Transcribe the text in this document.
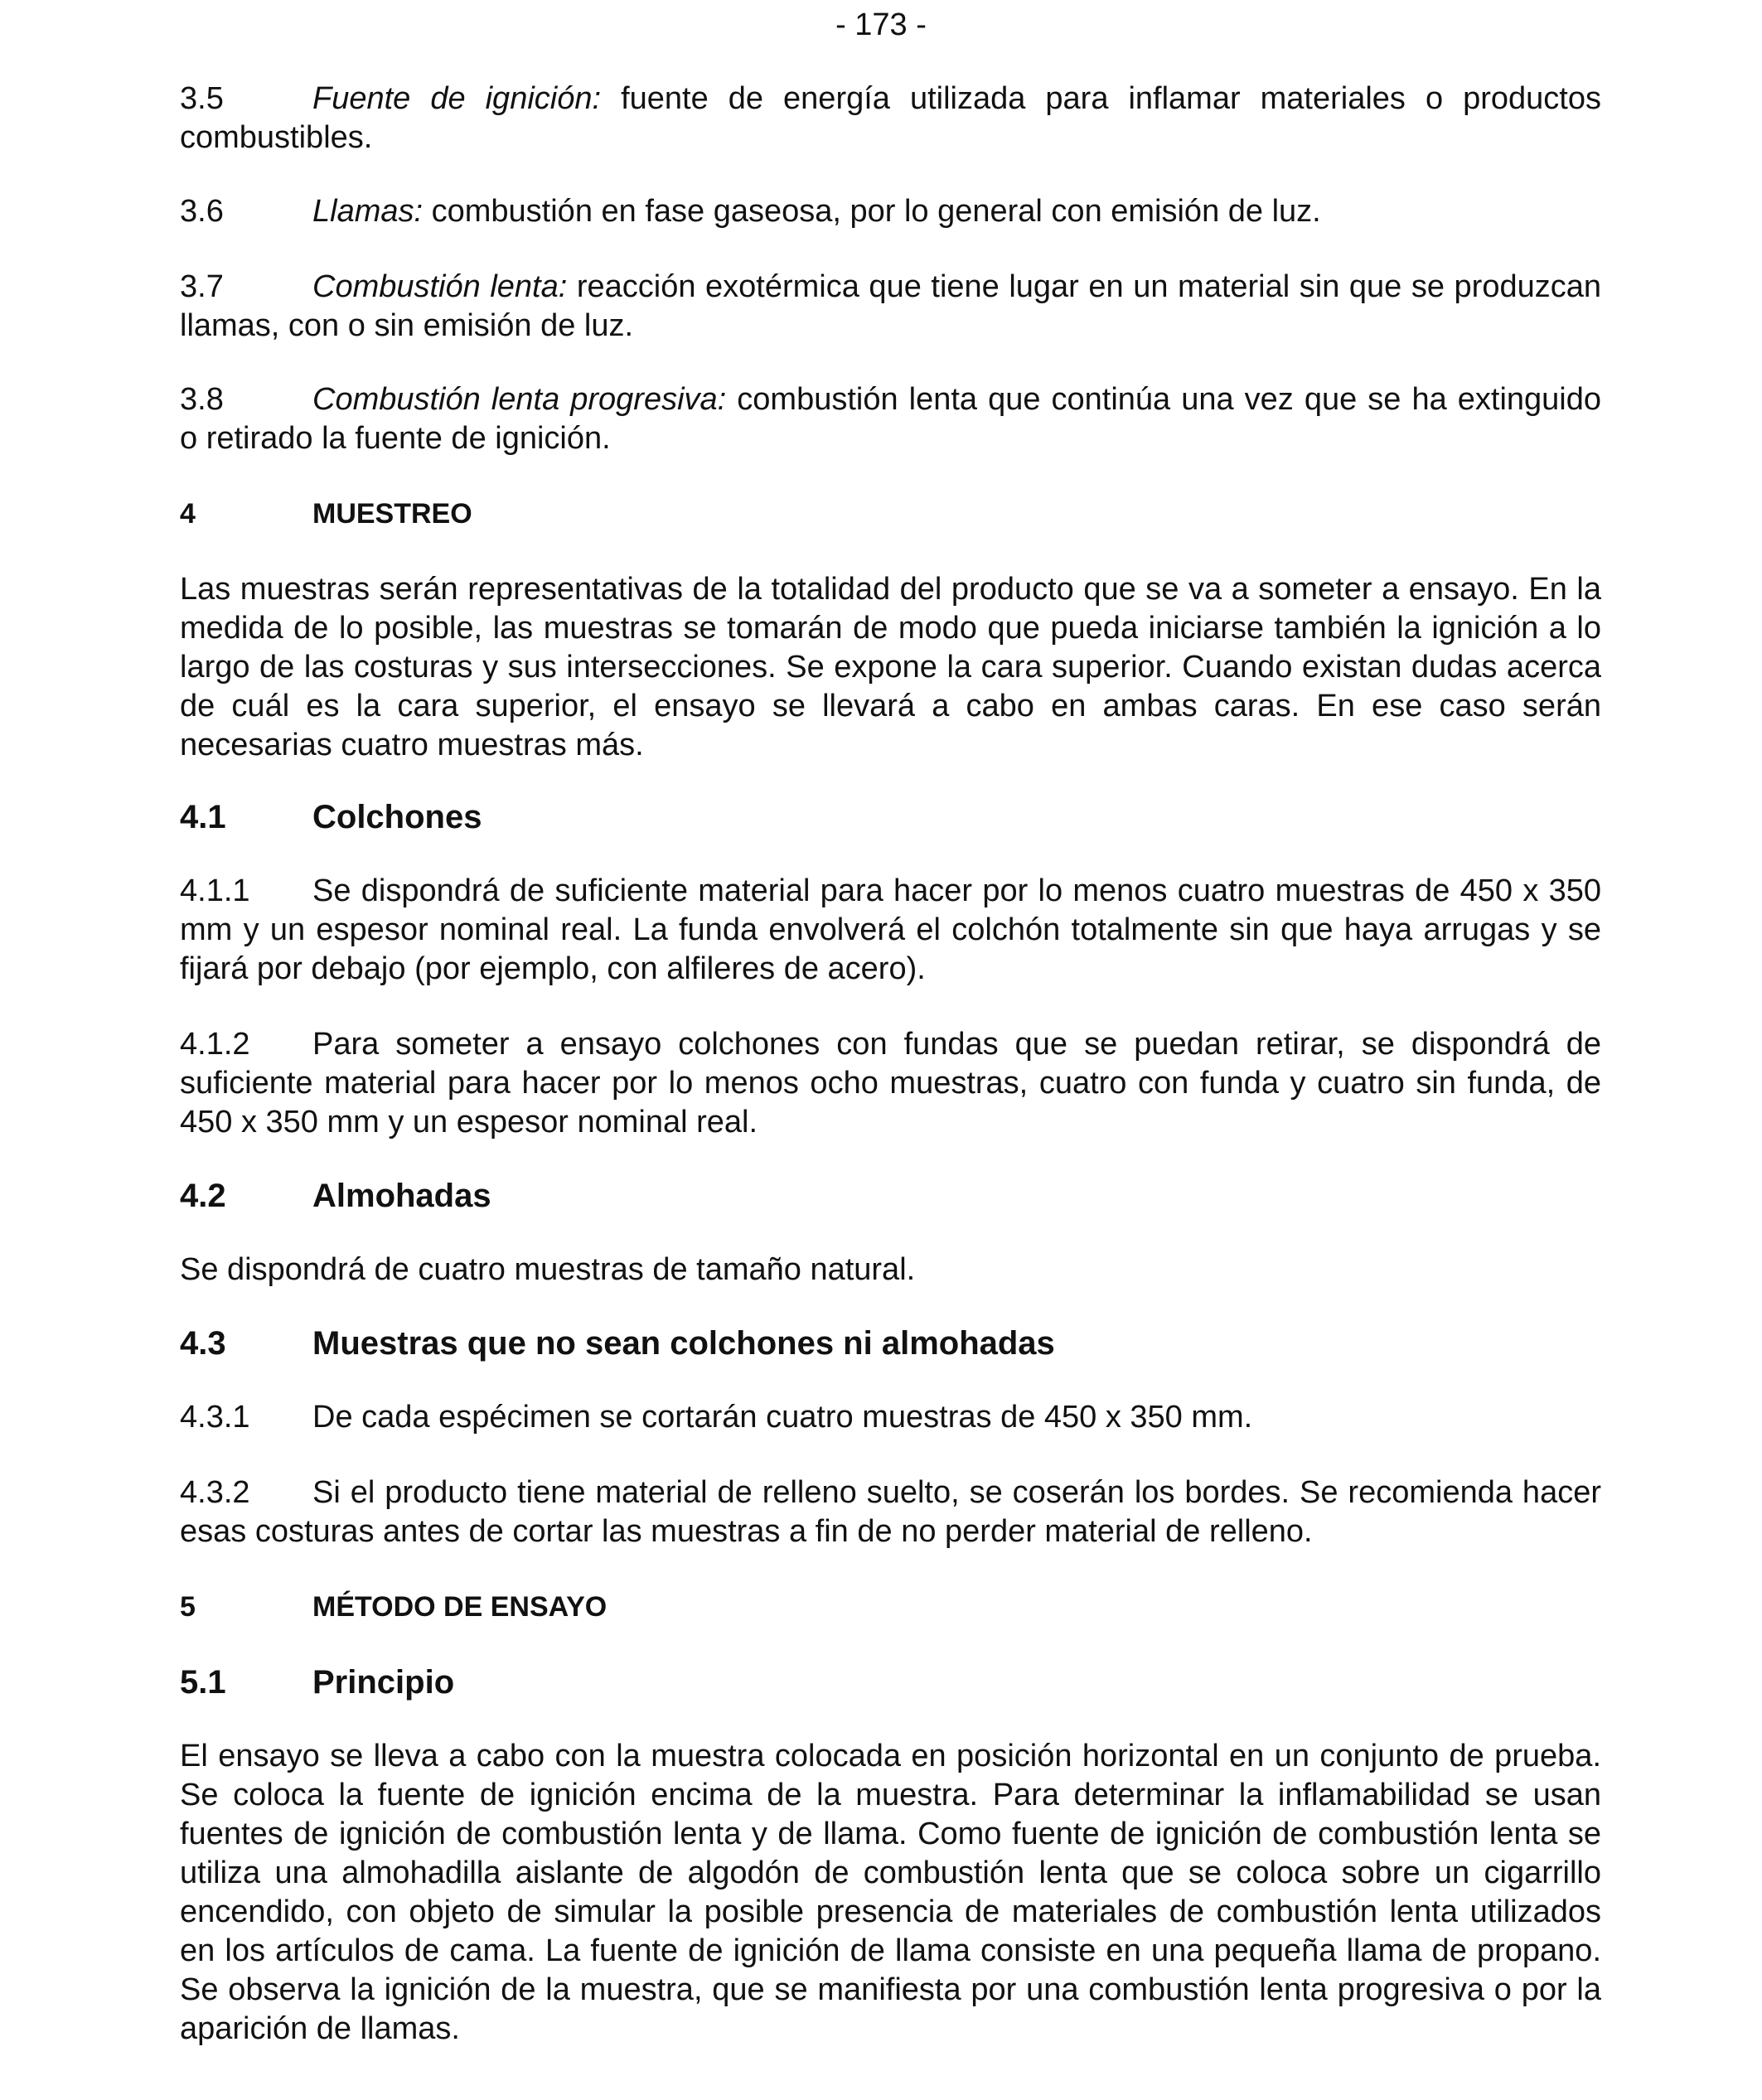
- 173 -

3.5	Fuente de ignición: fuente de energía utilizada para inflamar materiales o productos combustibles.

3.6	Llamas: combustión en fase gaseosa, por lo general con emisión de luz.

3.7	Combustión lenta: reacción exotérmica que tiene lugar en un material sin que se produzcan llamas, con o sin emisión de luz.

3.8	Combustión lenta progresiva: combustión lenta que continúa una vez que se ha extinguido o retirado la fuente de ignición.

4	MUESTREO

Las muestras serán representativas de la totalidad del producto que se va a someter a ensayo. En la medida de lo posible, las muestras se tomarán de modo que pueda iniciarse también la ignición a lo largo de las costuras y sus intersecciones. Se expone la cara superior. Cuando existan dudas acerca de cuál es la cara superior, el ensayo se llevará a cabo en ambas caras. En ese caso serán necesarias cuatro muestras más.

4.1	Colchones

4.1.1 Se dispondrá de suficiente material para hacer por lo menos cuatro muestras de 450 x 350 mm y un espesor nominal real. La funda envolverá el colchón totalmente sin que haya arrugas y se fijará por debajo (por ejemplo, con alfileres de acero).

4.1.2 Para someter a ensayo colchones con fundas que se puedan retirar, se dispondrá de suficiente material para hacer por lo menos ocho muestras, cuatro con funda y cuatro sin funda, de 450 x 350 mm y un espesor nominal real.

4.2	Almohadas

Se dispondrá de cuatro muestras de tamaño natural.

4.3	Muestras que no sean colchones ni almohadas

4.3.1 De cada espécimen se cortarán cuatro muestras de 450 x 350 mm.

4.3.2 Si el producto tiene material de relleno suelto, se coserán los bordes. Se recomienda hacer esas costuras antes de cortar las muestras a fin de no perder material de relleno.

5	MÉTODO DE ENSAYO

5.1	Principio

El ensayo se lleva a cabo con la muestra colocada en posición horizontal en un conjunto de prueba. Se coloca la fuente de ignición encima de la muestra. Para determinar la inflamabilidad se usan fuentes de ignición de combustión lenta y de llama. Como fuente de ignición de combustión lenta se utiliza una almohadilla aislante de algodón de combustión lenta que se coloca sobre un cigarrillo encendido, con objeto de simular la posible presencia de materiales de combustión lenta utilizados en los artículos de cama. La fuente de ignición de llama consiste en una pequeña llama de propano. Se observa la ignición de la muestra, que se manifiesta por una combustión lenta progresiva o por la aparición de llamas.
